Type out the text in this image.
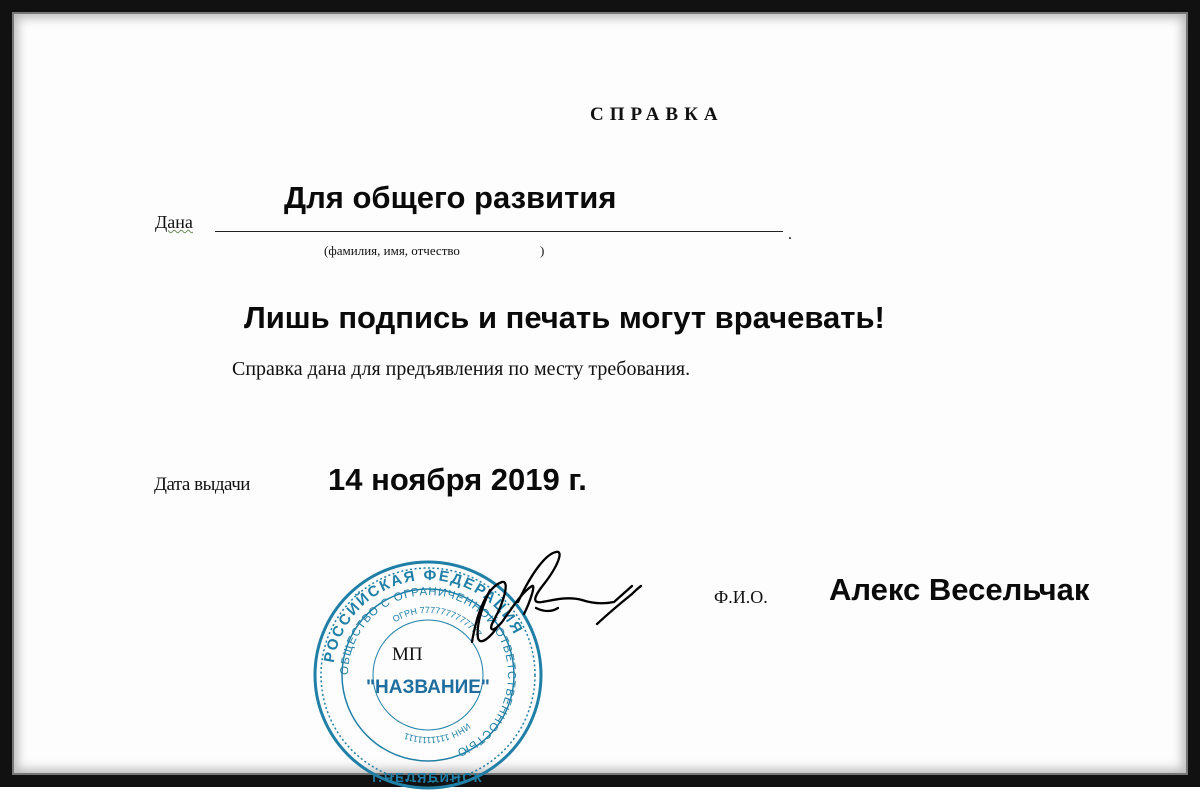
СПРАВКА
Дана
Для общего развития
.
(фамилия, имя, отчество	)
Лишь подпись и печать могут врачевать!
Справка дана для предъявления по месту требования.
Дата выдачи	14 ноября 2019 г.
Ф.И.О. Алекс Весельчак
РОССИЙСКАЯ ФЕДЕРАЦИЯ
ОБЩЕСТВО С ОГРАНИЧЕННОЙ ОТВЕТСТВЕННОСТЬЮ
ОГРН 7777777777777
ИНН 1111111111
г.ЧЕЛЯБИНСК
"НАЗВАНИЕ"
МП
